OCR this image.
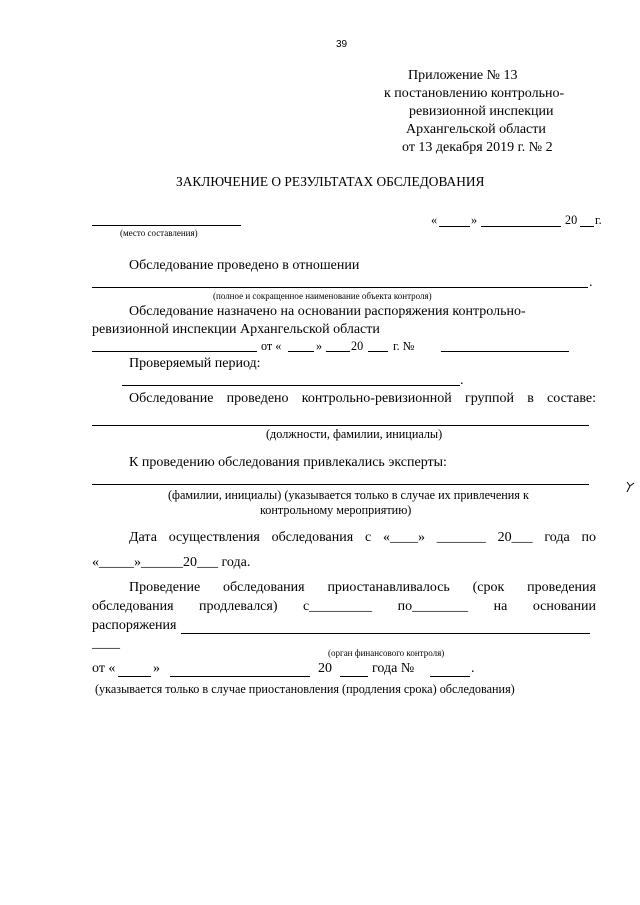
39
Приложение № 13
к постановлению контрольно-
ревизионной инспекции
Архангельской области
от 13 декабря 2019 г. № 2
ЗАКЛЮЧЕНИЕ О РЕЗУЛЬТАТАХ ОБСЛЕДОВАНИЯ
(место составления)
«	»	20 г.
Обследование проведено в отношении
.
(полное и сокращенное наименование объекта контроля)
Обследование назначено на основании распоряжения контрольно-
ревизионной инспекции Архангельской области
от «	» 20 г. №
Проверяемый период:
.
Обследование проведено контрольно-ревизионной группой в составе:
(должности, фамилии, инициалы)
К проведению обследования привлекались эксперты:
(фамилии, инициалы) (указывается только в случае их привлечения к
контрольному мероприятию)
Дата осуществления обследования с «____» _______ 20___ года по
«_____»______20___ года.
Проведение обследования приостанавливалось (срок проведения
обследования продлевался) с_________ по________ на основании
распоряжения
____
(орган финансового контроля)
от «	»	20	года №	.
(указывается только в случае приостановления (продления срока) обследования)
